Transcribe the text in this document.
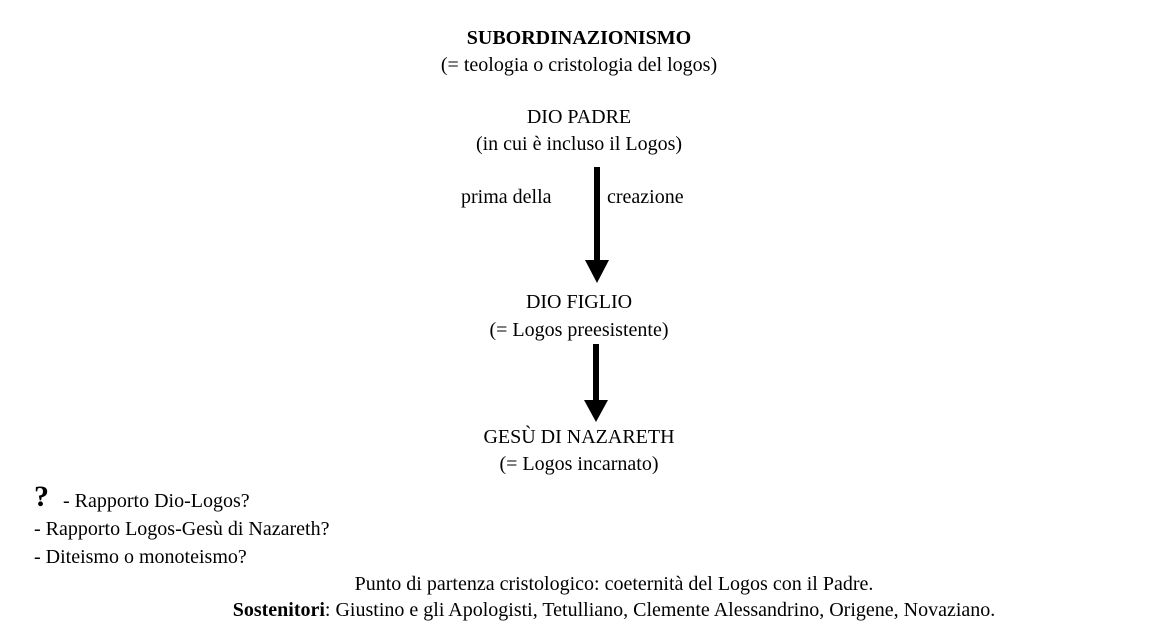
SUBORDINAZIONISMO
(= teologia o cristologia del logos)
DIO PADRE
(in cui è incluso il Logos)
prima della	creazione
DIO FIGLIO
(= Logos preesistente)
GESÙ DI NAZARETH
(= Logos incarnato)
? - Rapporto Dio-Logos?
- Rapporto Logos-Gesù di Nazareth?
- Diteismo o monoteismo?
Punto di partenza cristologico: coeternità del Logos con il Padre.
Sostenitori: Giustino e gli Apologisti, Tetulliano, Clemente Alessandrino, Origene, Novaziano.
